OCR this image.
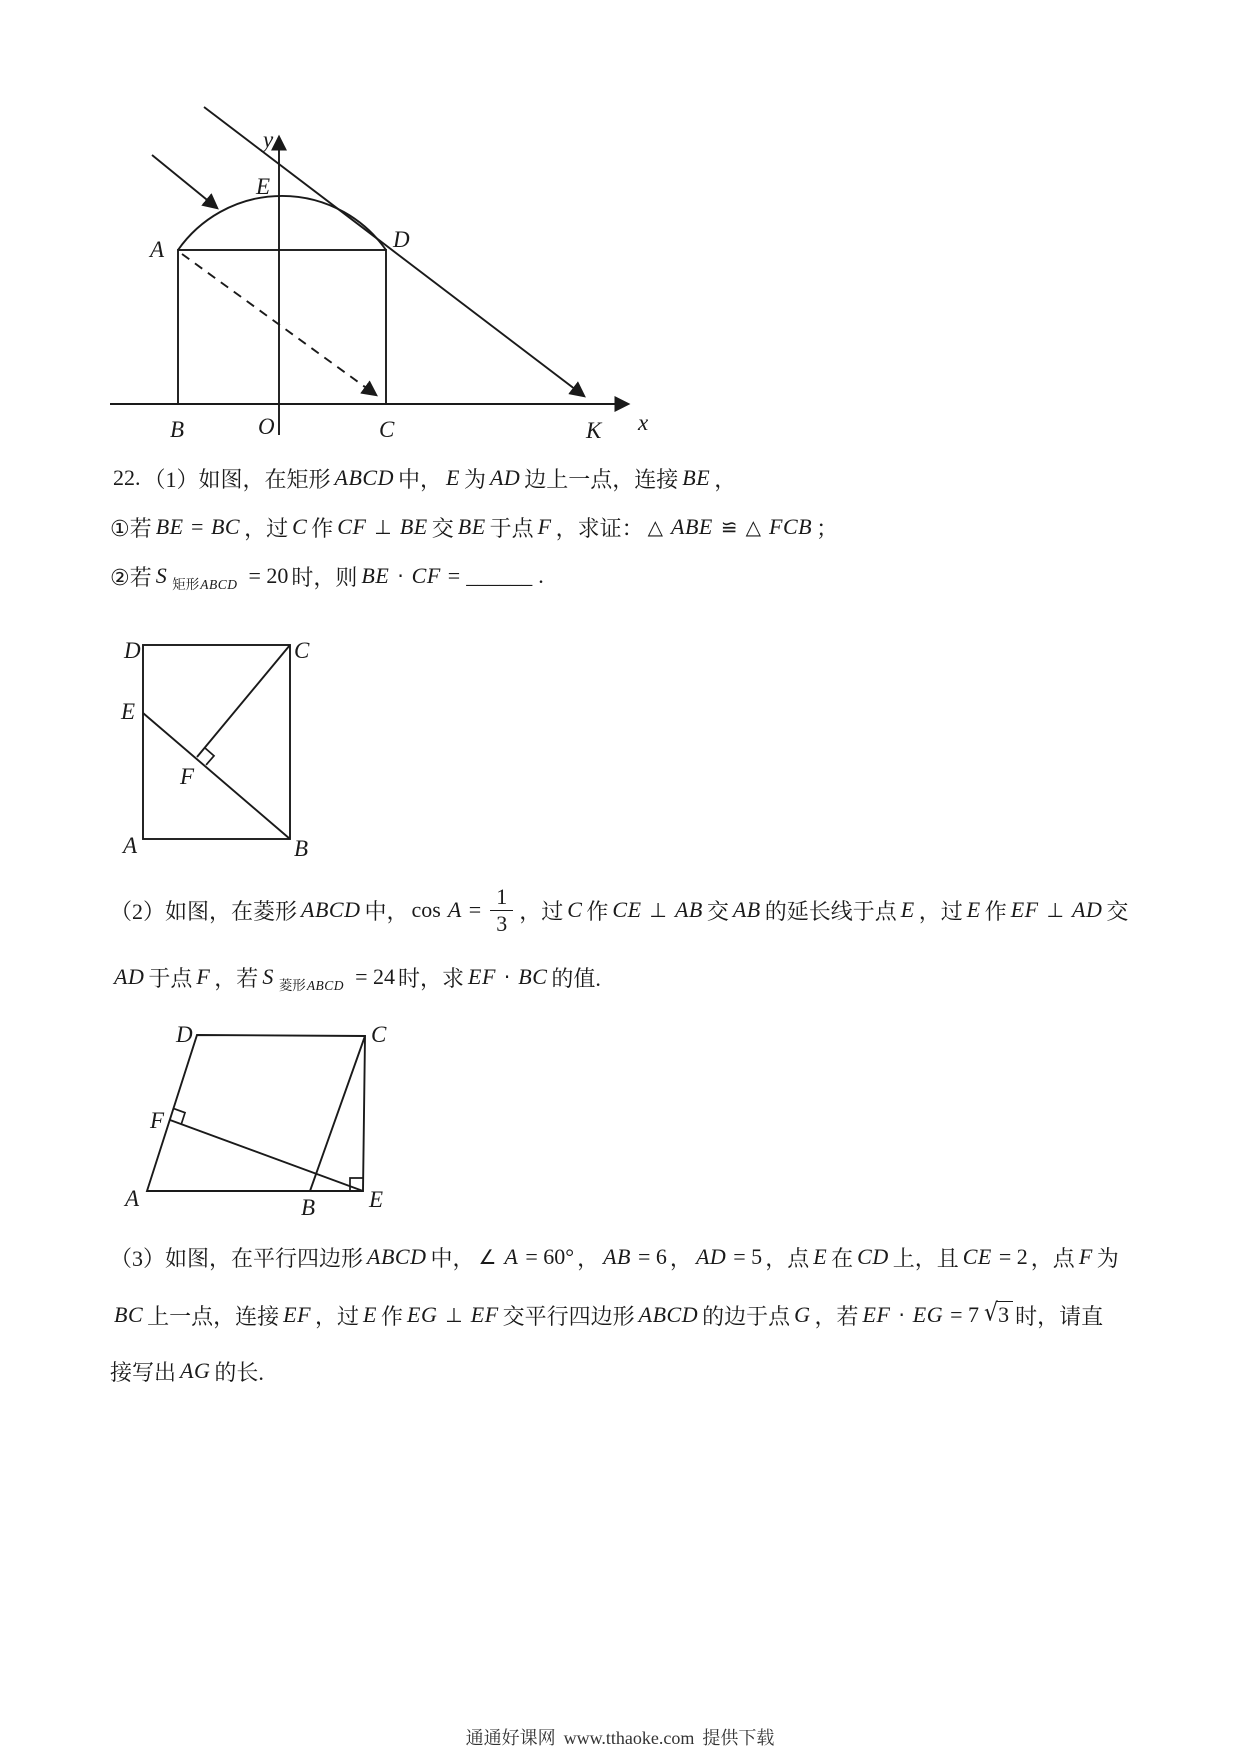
y
x
E
A	D
B	O	C	K
22. （1）如图，在矩形 ABCD 中， E 为 AD 边上一点，连接 BE ，
①若 BE = BC ，过 C 作 CF ⊥ BE 交 BE 于点 F ，求证： △ ABE ≌ △ FCB ；
②若 S 矩形 ABCD = 20 时，则 BE · CF = ______ .
D	C
E
F
A	B
（2）如图，在菱形 ABCD 中， $\cos A = \frac{1}{3}$ ，过 C 作 CE ⊥ AB 交 AB 的延长线于点 E ，过 E 作 EF ⊥ AD 交
AD 于点 F ，若 S 菱形 ABCD = 24 时，求 EF · BC 的值.
D	C
F
A	B E
（3）如图，在平行四边形 ABCD 中， ∠ A = 60° ， AB = 6 ， AD = 5 ，点 E 在 CD 上，且 CE = 2 ，点 F 为
BC 上一点，连接 EF ，过 E 作 EG ⊥ EF 交平行四边形 ABCD 的边于点 G ，若 EF · EG = 7 √ 3 时，请直
接写出 AG 的长.
通通好课网 www.tthaoke.com 提供下载
